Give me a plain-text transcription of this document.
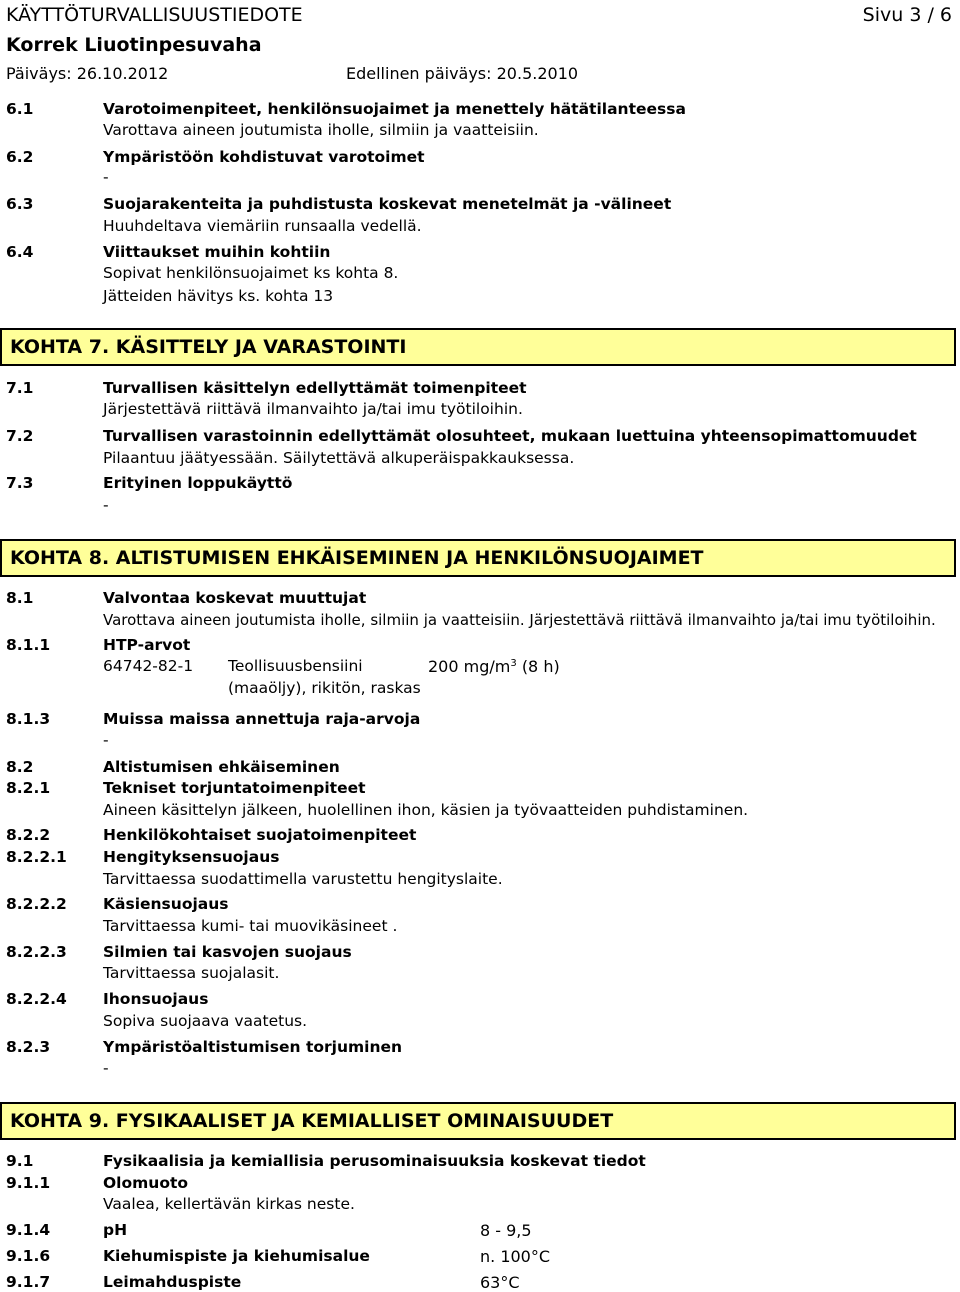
KÄYTTÖTURVALLISUUSTIEDOTE	Sivu 3 / 6
Korrek Liuotinpesuvaha
Päiväys: 26.10.2012	Edellinen päiväys: 20.5.2010
6.1	Varotoimenpiteet, henkilönsuojaimet ja menettely hätätilanteessa
Varottava aineen joutumista iholle, silmiin ja vaatteisiin.
6.2	Ympäristöön kohdistuvat varotoimet
-
6.3	Suojarakenteita ja puhdistusta koskevat menetelmät ja -välineet
Huuhdeltava viemäriin runsaalla vedellä.
6.4	Viittaukset muihin kohtiin
Sopivat henkilönsuojaimet ks kohta 8.
Jätteiden hävitys ks. kohta 13
KOHTA 7. KÄSITTELY JA VARASTOINTI
7.1	Turvallisen käsittelyn edellyttämät toimenpiteet
Järjestettävä riittävä ilmanvaihto ja/tai imu työtiloihin.
7.2	Turvallisen varastoinnin edellyttämät olosuhteet, mukaan luettuina yhteensopimattomuudet
Pilaantuu jäätyessään. Säilytettävä alkuperäispakkauksessa.
7.3	Erityinen loppukäyttö
-
KOHTA 8. ALTISTUMISEN EHKÄISEMINEN JA HENKILÖNSUOJAIMET
8.1	Valvontaa koskevat muuttujat
Varottava aineen joutumista iholle, silmiin ja vaatteisiin. Järjestettävä riittävä ilmanvaihto ja/tai imu työtiloihin.
8.1.1	HTP-arvot
64742-82-1 Teollisuusbensiini
(maaöljy), rikitön, raskas
200 $mg/m^3$ (8 h)
8.1.3	Muissa maissa annettuja raja-arvoja
-
8.2	Altistumisen ehkäiseminen
8.2.1	Tekniset torjuntatoimenpiteet
Aineen käsittelyn jälkeen, huolellinen ihon, käsien ja työvaatteiden puhdistaminen.
8.2.2	Henkilökohtaiset suojatoimenpiteet
8.2.2.1 Hengityksensuojaus
Tarvittaessa suodattimella varustettu hengityslaite.
8.2.2.2 Käsiensuojaus
Tarvittaessa kumi- tai muovikäsineet .
8.2.2.3 Silmien tai kasvojen suojaus
Tarvittaessa suojalasit.
8.2.2.4 Ihonsuojaus
Sopiva suojaava vaatetus.
8.2.3	Ympäristöaltistumisen torjuminen
-
KOHTA 9. FYSIKAALISET JA KEMIALLISET OMINAISUUDET
9.1	Fysikaalisia ja kemiallisia perusominaisuuksia koskevat tiedot
9.1.1	Olomuoto
Vaalea, kellertävän kirkas neste.
9.1.4	pH	8 - 9,5
9.1.6	Kiehumispiste ja kiehumisalue	n. 100°C
9.1.7	Leimahduspiste	63°C
